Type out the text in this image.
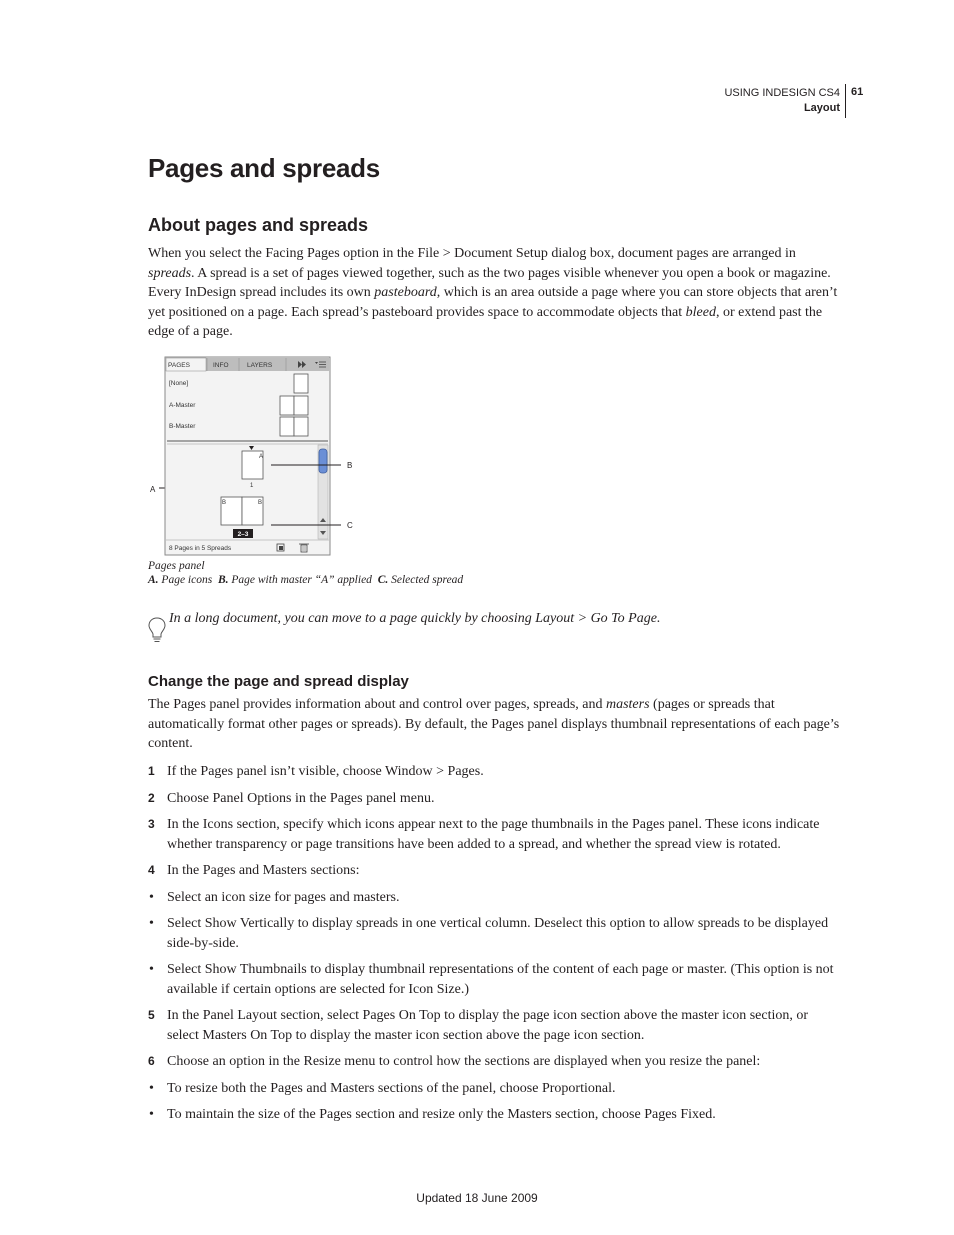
USING INDESIGN CS4
Layout
61
Pages and spreads
About pages and spreads
When you select the Facing Pages option in the File > Document Setup dialog box, document pages are arranged in spreads. A spread is a set of pages viewed together, such as the two pages visible whenever you open a book or magazine. Every InDesign spread includes its own pasteboard, which is an area outside a page where you can store objects that aren’t yet positioned on a page. Each spread’s pasteboard provides space to accommodate objects that bleed, or extend past the edge of a page.
A
PAGES	INFO	LAYERS
[None]
A-Master
B-Master
A
1
B	B
2–3
8 Pages in 5 Spreads
B
C
Pages panel
A. Page icons B. Page with master “A” applied C. Selected spread
In a long document, you can move to a page quickly by choosing Layout > Go To Page.
Change the page and spread display
The Pages panel provides information about and control over pages, spreads, and masters (pages or spreads that automatically format other pages or spreads). By default, the Pages panel displays thumbnail representations of each page’s content.
1 If the Pages panel isn’t visible, choose Window > Pages.
2 Choose Panel Options in the Pages panel menu.
3 In the Icons section, specify which icons appear next to the page thumbnails in the Pages panel. These icons indicate whether transparency or page transitions have been added to a spread, and whether the spread view is rotated.
4 In the Pages and Masters sections:
• Select an icon size for pages and masters.
• Select Show Vertically to display spreads in one vertical column. Deselect this option to allow spreads to be displayed side-by-side.
• Select Show Thumbnails to display thumbnail representations of the content of each page or master. (This option is not available if certain options are selected for Icon Size.)
5 In the Panel Layout section, select Pages On Top to display the page icon section above the master icon section, or select Masters On Top to display the master icon section above the page icon section.
6 Choose an option in the Resize menu to control how the sections are displayed when you resize the panel:
• To resize both the Pages and Masters sections of the panel, choose Proportional.
• To maintain the size of the Pages section and resize only the Masters section, choose Pages Fixed.
Updated 18 June 2009
